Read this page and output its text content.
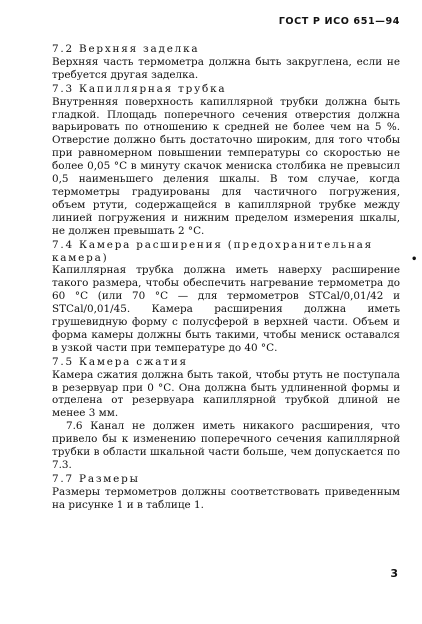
ГОСТ Р ИСО 651—94
7.2 Верхняя заделка
Верхняя часть термометра должна быть закруглена, если не требуется другая заделка.
7.3 Капиллярная трубка
Внутренняя поверхность капиллярной трубки должна быть гладкой. Площадь поперечного сечения отверстия должна варьировать по отношению к средней не более чем на 5 %. Отверстие должно быть достаточно широким, для того чтобы при равномерном повышении температуры со скоростью не более 0,05 °С в минуту скачок мениска столбика не превысил 0,5 наименьшего деления шкалы. В том случае, когда термометры градуированы для частичного погружения, объем ртути, содержащейся в капиллярной трубке между линией погружения и нижним пределом измерения шкалы, не должен превышать 2 °С.
7.4 Камера расширения (предохранительная камера)
Капиллярная трубка должна иметь наверху расширение такого размера, чтобы обеспечить нагревание термометра до 60 °С (или 70 °С — для термометров STCal/0,01/42 и STCal/0,01/45. Камера расширения должна иметь грушевидную форму с полусферой в верхней части. Объем и форма камеры должны быть такими, чтобы мениск оставался в узкой части при температуре до 40 °С.
7.5 Камера сжатия
Камера сжатия должна быть такой, чтобы ртуть не поступала в резервуар при 0 °С. Она должна быть удлиненной формы и отделена от резервуара капиллярной трубкой длиной не менее 3 мм.
7.6 Канал не должен иметь никакого расширения, что привело бы к изменению поперечного сечения капиллярной трубки в области шкальной части больше, чем допускается по 7.3.
7.7 Размеры
Размеры термометров должны соответствовать приведенным на рисунке 1 и в таблице 1.
•
3
